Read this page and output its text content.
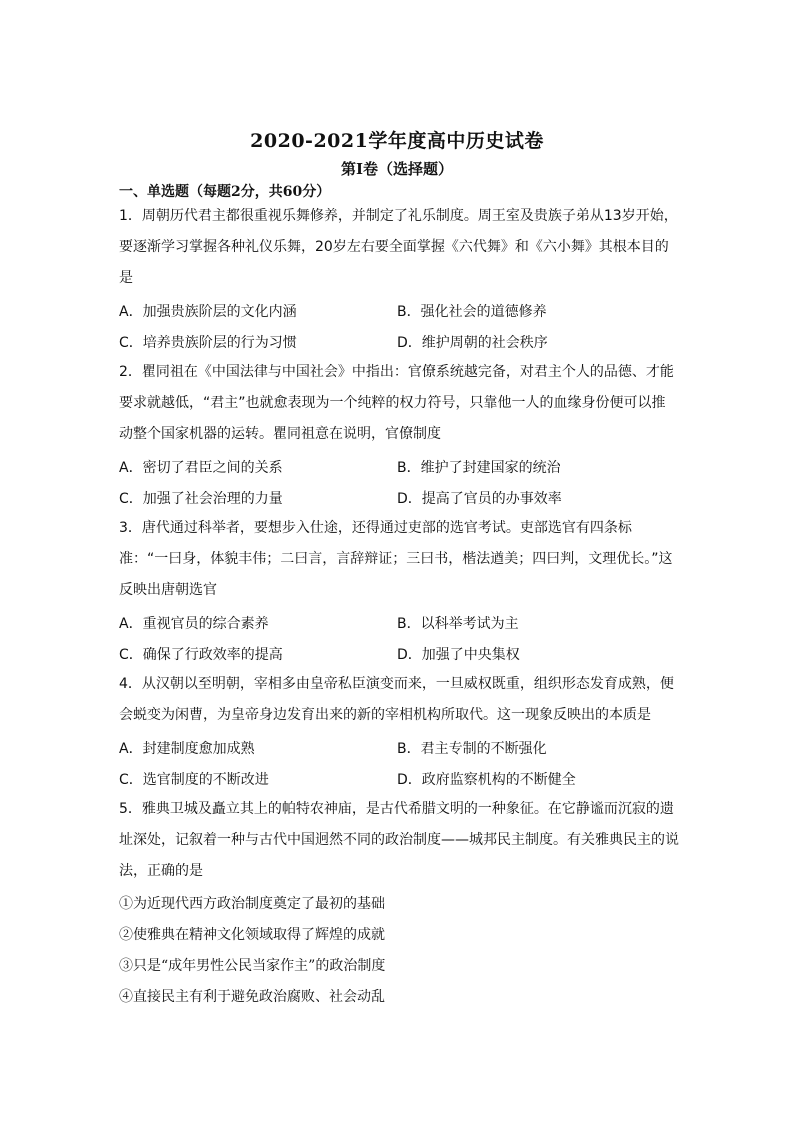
2020-2021学年度高中历史试卷
第I卷（选择题）
一、单选题（每题2分，共60分）
1．周朝历代君主都很重视乐舞修养，并制定了礼乐制度。周王室及贵族子弟从13岁开始，要逐渐学习掌握各种礼仪乐舞，20岁左右要全面掌握《六代舞》和《六小舞》其根本目的是
A．加强贵族阶层的文化内涵	B．强化社会的道德修养
C．培养贵族阶层的行为习惯	D．维护周朝的社会秩序
2．瞿同祖在《中国法律与中国社会》中指出：官僚系统越完备，对君主个人的品德、才能要求就越低，“君主”也就愈表现为一个纯粹的权力符号，只靠他一人的血缘身份便可以推动整个国家机器的运转。瞿同祖意在说明，官僚制度
A．密切了君臣之间的关系	B．维护了封建国家的统治
C．加强了社会治理的力量	D．提高了官员的办事效率
3．唐代通过科举者，要想步入仕途，还得通过吏部的选官考试。吏部选官有四条标准：“一曰身，体貌丰伟；二曰言，言辞辩证；三曰书，楷法遒美；四曰判，文理优长。”这反映出唐朝选官
A．重视官员的综合素养	B．以科举考试为主
C．确保了行政效率的提高	D．加强了中央集权
4．从汉朝以至明朝，宰相多由皇帝私臣演变而来，一旦威权既重，组织形态发育成熟，便会蜕变为闲曹，为皇帝身边发育出来的新的宰相机构所取代。这一现象反映出的本质是
A．封建制度愈加成熟	B．君主专制的不断强化
C．选官制度的不断改进	D．政府监察机构的不断健全
5．雅典卫城及矗立其上的帕特农神庙，是古代希腊文明的一种象征。在它静谧而沉寂的遗址深处，记叙着一种与古代中国迥然不同的政治制度——城邦民主制度。有关雅典民主的说法，正确的是
①为近现代西方政治制度奠定了最初的基础
②使雅典在精神文化领域取得了辉煌的成就
③只是“成年男性公民当家作主”的政治制度
④直接民主有利于避免政治腐败、社会动乱
